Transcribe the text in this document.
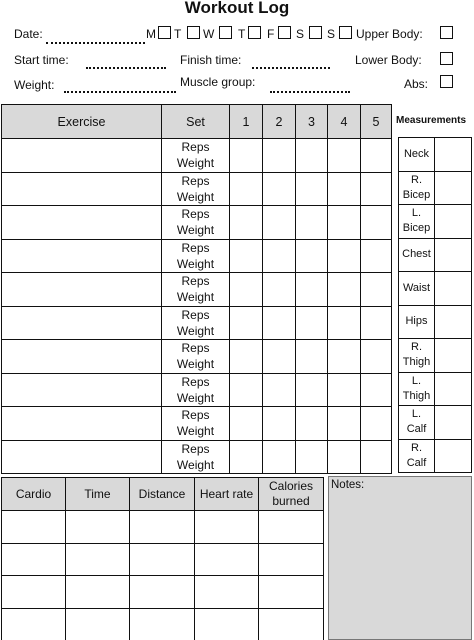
Workout Log
Date:	M T W T F S S Upper Body:
Start time:	Finish time:	Lower Body:
Weight:	Muscle group:	Abs:
Exercise	Set	1	2	3	4	5

	Reps
Weight					

	Reps
Weight					

	Reps
Weight					

	Reps
Weight					

	Reps
Weight					

	Reps
Weight					

	Reps
Weight					

	Reps
Weight					

	Reps
Weight					

	Reps
Weight					

Measurements
Neck	

R.
Bicep	

L.
Bicep	

Chest	

Waist	

Hips	

R.
Thigh	

L.
Thigh	

L.
Calf	

R.
Calf	

Cardio	Time	Distance	Heart rate	Calories burned

Notes:
